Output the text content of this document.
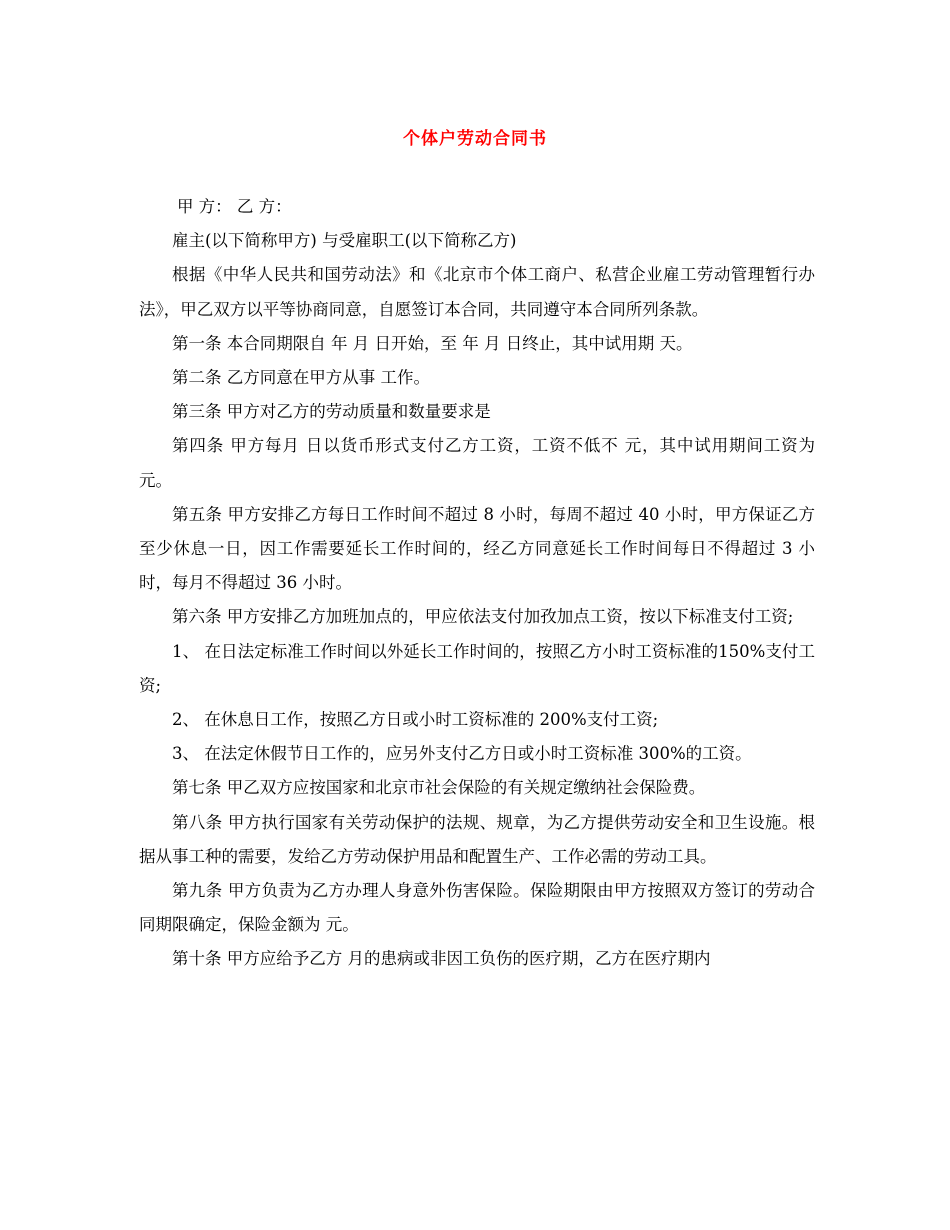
个体户劳动合同书

甲 方： 乙 方：

雇主(以下简称甲方) 与受雇职工(以下简称乙方)

根据《中华人民共和国劳动法》和《北京市个体工商户、私营企业雇工劳动管理暂行办法》，甲乙双方以平等协商同意，自愿签订本合同，共同遵守本合同所列条款。

第一条 本合同期限自 年 月 日开始，至 年 月 日终止，其中试用期 天。

第二条 乙方同意在甲方从事 工作。

第三条 甲方对乙方的劳动质量和数量要求是

第四条 甲方每月 日以货币形式支付乙方工资，工资不低不 元，其中试用期间工资为 元。

第五条 甲方安排乙方每日工作时间不超过 8 小时，每周不超过 40 小时，甲方保证乙方至少休息一日，因工作需要延长工作时间的，经乙方同意延长工作时间每日不得超过 3 小时，每月不得超过 36 小时。

第六条 甲方安排乙方加班加点的，甲应依法支付加孜加点工资，按以下标准支付工资;

1、 在日法定标准工作时间以外延长工作时间的，按照乙方小时工资标准的150%支付工资;

2、 在休息日工作，按照乙方日或小时工资标准的 200%支付工资;

3、 在法定休假节日工作的，应另外支付乙方日或小时工资标准 300%的工资。

第七条 甲乙双方应按国家和北京市社会保险的有关规定缴纳社会保险费。

第八条 甲方执行国家有关劳动保护的法规、规章，为乙方提供劳动安全和卫生设施。根据从事工种的需要，发给乙方劳动保护用品和配置生产、工作必需的劳动工具。

第九条 甲方负责为乙方办理人身意外伤害保险。保险期限由甲方按照双方签订的劳动合同期限确定，保险金额为 元。

第十条 甲方应给予乙方 月的患病或非因工负伤的医疗期，乙方在医疗期内
